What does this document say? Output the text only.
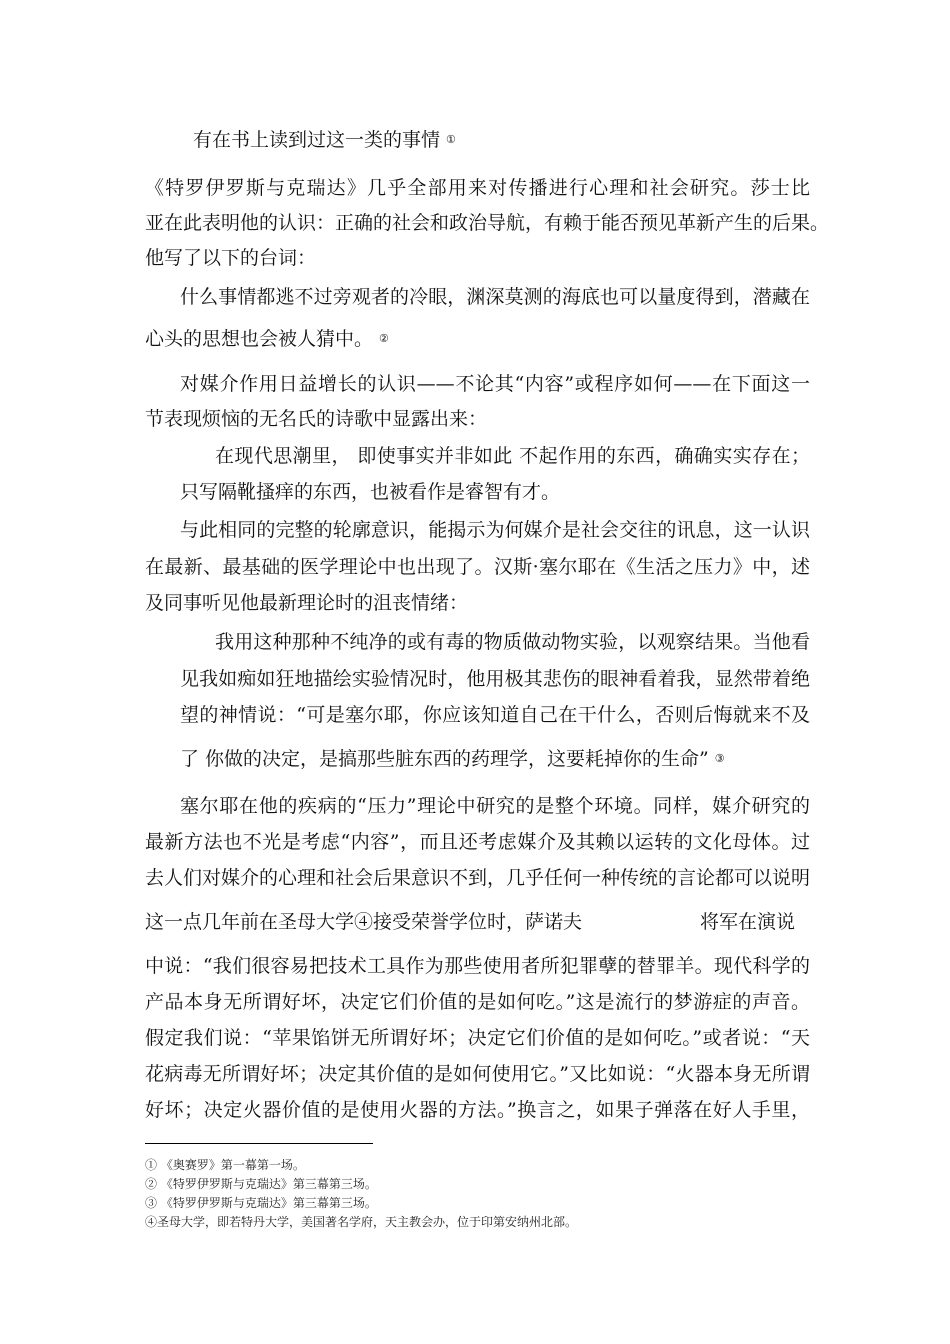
有在书上读到过这一类的事情 ①
《特罗伊罗斯与克瑞达》几乎全部用来对传播进行心理和社会研究。莎士比
亚在此表明他的认识：正确的社会和政治导航，有赖于能否预见革新产生的后果。
他写了以下的台词：
什么事情都逃不过旁观者的冷眼，渊深莫测的海底也可以量度得到，潜藏在
心头的思想也会被人猜中。 ②
对媒介作用日益增长的认识——不论其“内容”或程序如何——在下面这一
节表现烦恼的无名氏的诗歌中显露出来：
在现代思潮里， 即使事实并非如此 不起作用的东西，确确实实存在；
只写隔靴搔痒的东西，也被看作是睿智有才。
与此相同的完整的轮廓意识，能揭示为何媒介是社会交往的讯息，这一认识
在最新、最基础的医学理论中也出现了。汉斯·塞尔耶在《生活之压力》中，述
及同事听见他最新理论时的沮丧情绪：
我用这种那种不纯净的或有毒的物质做动物实验，以观察结果。当他看
见我如痴如狂地描绘实验情况时，他用极其悲伤的眼神看着我，显然带着绝
望的神情说：“可是塞尔耶，你应该知道自己在干什么，否则后悔就来不及
了 你做的决定，是搞那些脏东西的药理学，这要耗掉你的生命” ③
塞尔耶在他的疾病的“压力”理论中研究的是整个环境。同样，媒介研究的
最新方法也不光是考虑“内容”，而且还考虑媒介及其赖以运转的文化母体。过
去人们对媒介的心理和社会后果意识不到，几乎任何一种传统的言论都可以说明
这一点几年前在圣母大学④接受荣誉学位时，萨诺夫	将军在演说
中说：“我们很容易把技术工具作为那些使用者所犯罪孽的替罪羊。现代科学的
产品本身无所谓好坏，决定它们价值的是如何吃。”这是流行的梦游症的声音。
假定我们说：“苹果馅饼无所谓好坏；决定它们价值的是如何吃。”或者说：“天
花病毒无所谓好坏；决定其价值的是如何使用它。”又比如说：“火器本身无所谓
好坏；决定火器价值的是使用火器的方法。”换言之，如果子弹落在好人手里，
① 《奥赛罗》第一幕第一场。
② 《特罗伊罗斯与克瑞达》第三幕第三场。
③ 《特罗伊罗斯与克瑞达》第三幕第三场。
④圣母大学，即若特丹大学，美国著名学府，天主教会办，位于印第安纳州北部。
